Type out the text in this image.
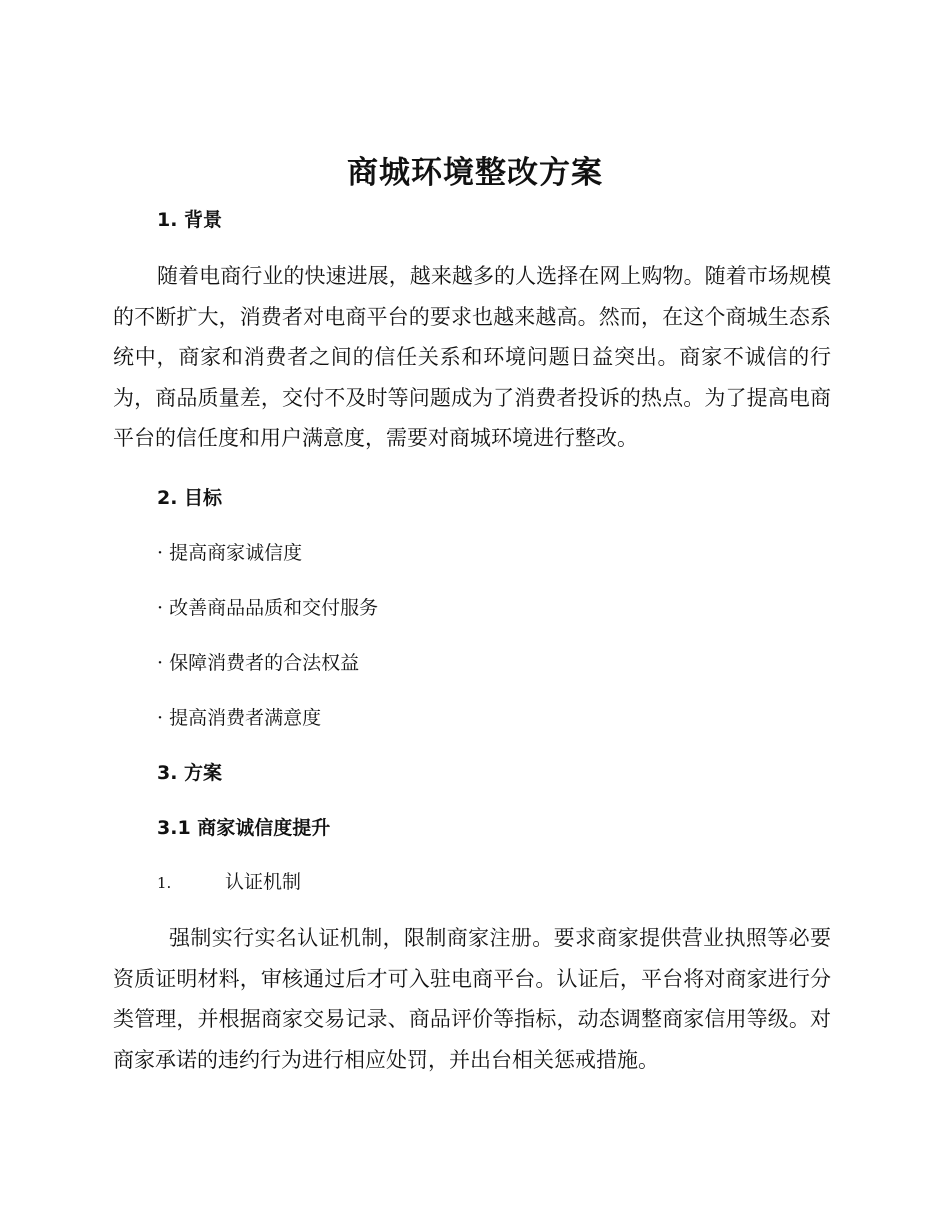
商城环境整改方案
1. 背景
随着电商行业的快速进展，越来越多的人选择在网上购物。随着市场规模的不断扩大，消费者对电商平台的要求也越来越高。然而，在这个商城生态系统中，商家和消费者之间的信任关系和环境问题日益突出。商家不诚信的行为，商品质量差，交付不及时等问题成为了消费者投诉的热点。为了提高电商平台的信任度和用户满意度，需要对商城环境进行整改。
2. 目标
· 提高商家诚信度
· 改善商品品质和交付服务
· 保障消费者的合法权益
· 提高消费者满意度
3. 方案
3.1 商家诚信度提升
1.	认证机制
强制实行实名认证机制，限制商家注册。要求商家提供营业执照等必要资质证明材料，审核通过后才可入驻电商平台。认证后，平台将对商家进行分类管理，并根据商家交易记录、商品评价等指标，动态调整商家信用等级。对商家承诺的违约行为进行相应处罚，并出台相关惩戒措施。
